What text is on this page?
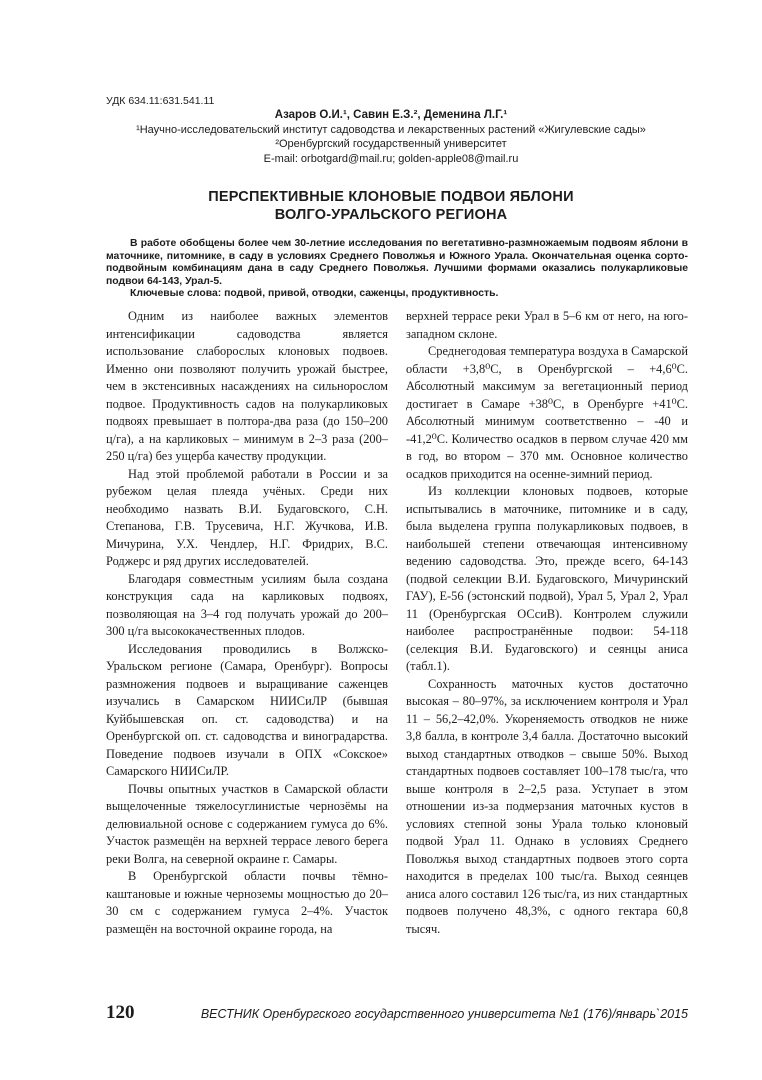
УДК 634.11:631.541.11
Азаров О.И.¹, Савин Е.З.², Деменина Л.Г.¹
¹Научно-исследовательский институт садоводства и лекарственных растений «Жигулевские сады»
²Оренбургский государственный университет
E-mail: orbotgard@mail.ru; golden-apple08@mail.ru
ПЕРСПЕКТИВНЫЕ КЛОНОВЫЕ ПОДВОИ ЯБЛОНИ
ВОЛГО-УРАЛЬСКОГО РЕГИОНА

В работе обобщены более чем 30-летние исследования по вегетативно-размножаемым подвоям яблони в маточнике, питомнике, в саду в условиях Среднего Поволжья и Южного Урала. Окончательная оценка сорто-подвойным комбинациям дана в саду Среднего Поволжья. Лучшими формами оказались полукарликовые подвои 64-143, Урал-5.

Ключевые слова: подвой, привой, отводки, саженцы, продуктивность.

Одним из наиболее важных элементов интенсификации садоводства является использование слаборослых клоновых подвоев. Именно они позволяют получить урожай быстрее, чем в экстенсивных насаждениях на сильнорослом подвое. Продуктивность садов на полукарликовых подвоях превышает в полтора-два раза (до 150–200 ц/га), а на карликовых – минимум в 2–3 раза (200–250 ц/га) без ущерба качеству продукции.

Над этой проблемой работали в России и за рубежом целая плеяда учёных. Среди них необходимо назвать В.И. Будаговского, С.Н. Степанова, Г.В. Трусевича, Н.Г. Жучкова, И.В. Мичурина, У.Х. Чендлер, Н.Г. Фридрих, В.С. Роджерс и ряд других исследователей.

Благодаря совместным усилиям была создана конструкция сада на карликовых подвоях, позволяющая на 3–4 год получать урожай до 200–300 ц/га высококачественных плодов.

Исследования проводились в Волжско-Уральском регионе (Самара, Оренбург). Вопросы размножения подвоев и выращивание саженцев изучались в Самарском НИИСиЛР (бывшая Куйбышевская оп. ст. садоводства) и на Оренбургской оп. ст. садоводства и виноградарства. Поведение подвоев изучали в ОПХ «Сокское» Самарского НИИСиЛР.

Почвы опытных участков в Самарской области выщелоченные тяжелосуглинистые чернозёмы на делювиальной основе с содержанием гумуса до 6%. Участок размещён на верхней террасе левого берега реки Волга, на северной окраине г. Самары.

В Оренбургской области почвы тёмно-каштановые и южные черноземы мощностью до 20–30 см с содержанием гумуса 2–4%. Участок размещён на восточной окраине города, на

верхней террасе реки Урал в 5–6 км от него, на юго-западном склоне.

Среднегодовая температура воздуха в Самарской области +3,8⁰С, в Оренбургской – +4,6⁰С. Абсолютный максимум за вегетационный период достигает в Самаре +38⁰С, в Оренбурге +41⁰С. Абсолютный минимум соответственно – -40 и -41,2⁰С. Количество осадков в первом случае 420 мм в год, во втором – 370 мм. Основное количество осадков приходится на осенне-зимний период.

Из коллекции клоновых подвоев, которые испытывались в маточнике, питомнике и в саду, была выделена группа полукарликовых подвоев, в наибольшей степени отвечающая интенсивному ведению садоводства. Это, прежде всего, 64-143 (подвой селекции В.И. Будаговского, Мичуринский ГАУ), Е-56 (эстонский подвой), Урал 5, Урал 2, Урал 11 (Оренбургская ОСсиВ). Контролем служили наиболее распространённые подвои: 54-118 (селекция В.И. Будаговского) и сеянцы аниса (табл.1).

Сохранность маточных кустов достаточно высокая – 80–97%, за исключением контроля и Урал 11 – 56,2–42,0%. Укореняемость отводков не ниже 3,8 балла, в контроле 3,4 балла. Достаточно высокий выход стандартных отводков – свыше 50%. Выход стандартных подвоев составляет 100–178 тыс/га, что выше контроля в 2–2,5 раза. Уступает в этом отношении из-за подмерзания маточных кустов в условиях степной зоны Урала только клоновый подвой Урал 11. Однако в условиях Среднего Поволжья выход стандартных подвоев этого сорта находится в пределах 100 тыс/га. Выход сеянцев аниса алого составил 126 тыс/га, из них стандартных подвоев получено 48,3%, с одного гектара 60,8 тысяч.

120	ВЕСТНИК Оренбургского государственного университета №1 (176)/январь`2015
